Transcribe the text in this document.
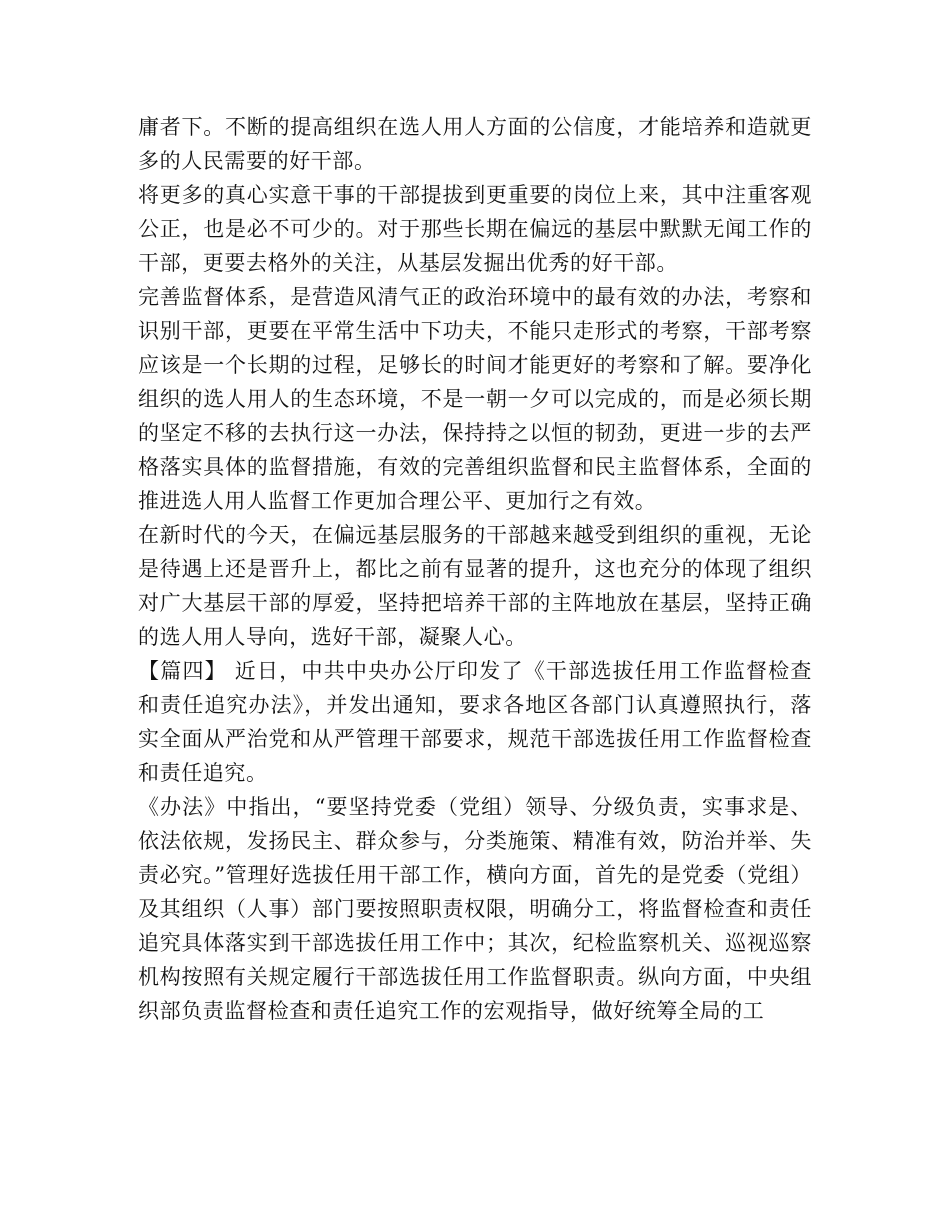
庸者下。不断的提高组织在选人用人方面的公信度，才能培养和造就更多的人民需要的好干部。

将更多的真心实意干事的干部提拔到更重要的岗位上来，其中注重客观公正，也是必不可少的。对于那些长期在偏远的基层中默默无闻工作的干部，更要去格外的关注，从基层发掘出优秀的好干部。

完善监督体系，是营造风清气正的政治环境中的最有效的办法，考察和识别干部，更要在平常生活中下功夫，不能只走形式的考察，干部考察应该是一个长期的过程，足够长的时间才能更好的考察和了解。要净化组织的选人用人的生态环境，不是一朝一夕可以完成的，而是必须长期的坚定不移的去执行这一办法，保持持之以恒的韧劲，更进一步的去严格落实具体的监督措施，有效的完善组织监督和民主监督体系，全面的推进选人用人监督工作更加合理公平、更加行之有效。

在新时代的今天，在偏远基层服务的干部越来越受到组织的重视，无论是待遇上还是晋升上，都比之前有显著的提升，这也充分的体现了组织对广大基层干部的厚爱，坚持把培养干部的主阵地放在基层，坚持正确的选人用人导向，选好干部，凝聚人心。

【篇四】 近日，中共中央办公厅印发了《干部选拔任用工作监督检查和责任追究办法》，并发出通知，要求各地区各部门认真遵照执行，落实全面从严治党和从严管理干部要求，规范干部选拔任用工作监督检查和责任追究。

《办法》中指出，“要坚持党委（党组）领导、分级负责，实事求是、依法依规，发扬民主、群众参与，分类施策、精准有效，防治并举、失责必究。”管理好选拔任用干部工作，横向方面，首先的是党委（党组）及其组织（人事）部门要按照职责权限，明确分工，将监督检查和责任追究具体落实到干部选拔任用工作中；其次，纪检监察机关、巡视巡察机构按照有关规定履行干部选拔任用工作监督职责。纵向方面，中央组织部负责监督检查和责任追究工作的宏观指导，做好统筹全局的工
